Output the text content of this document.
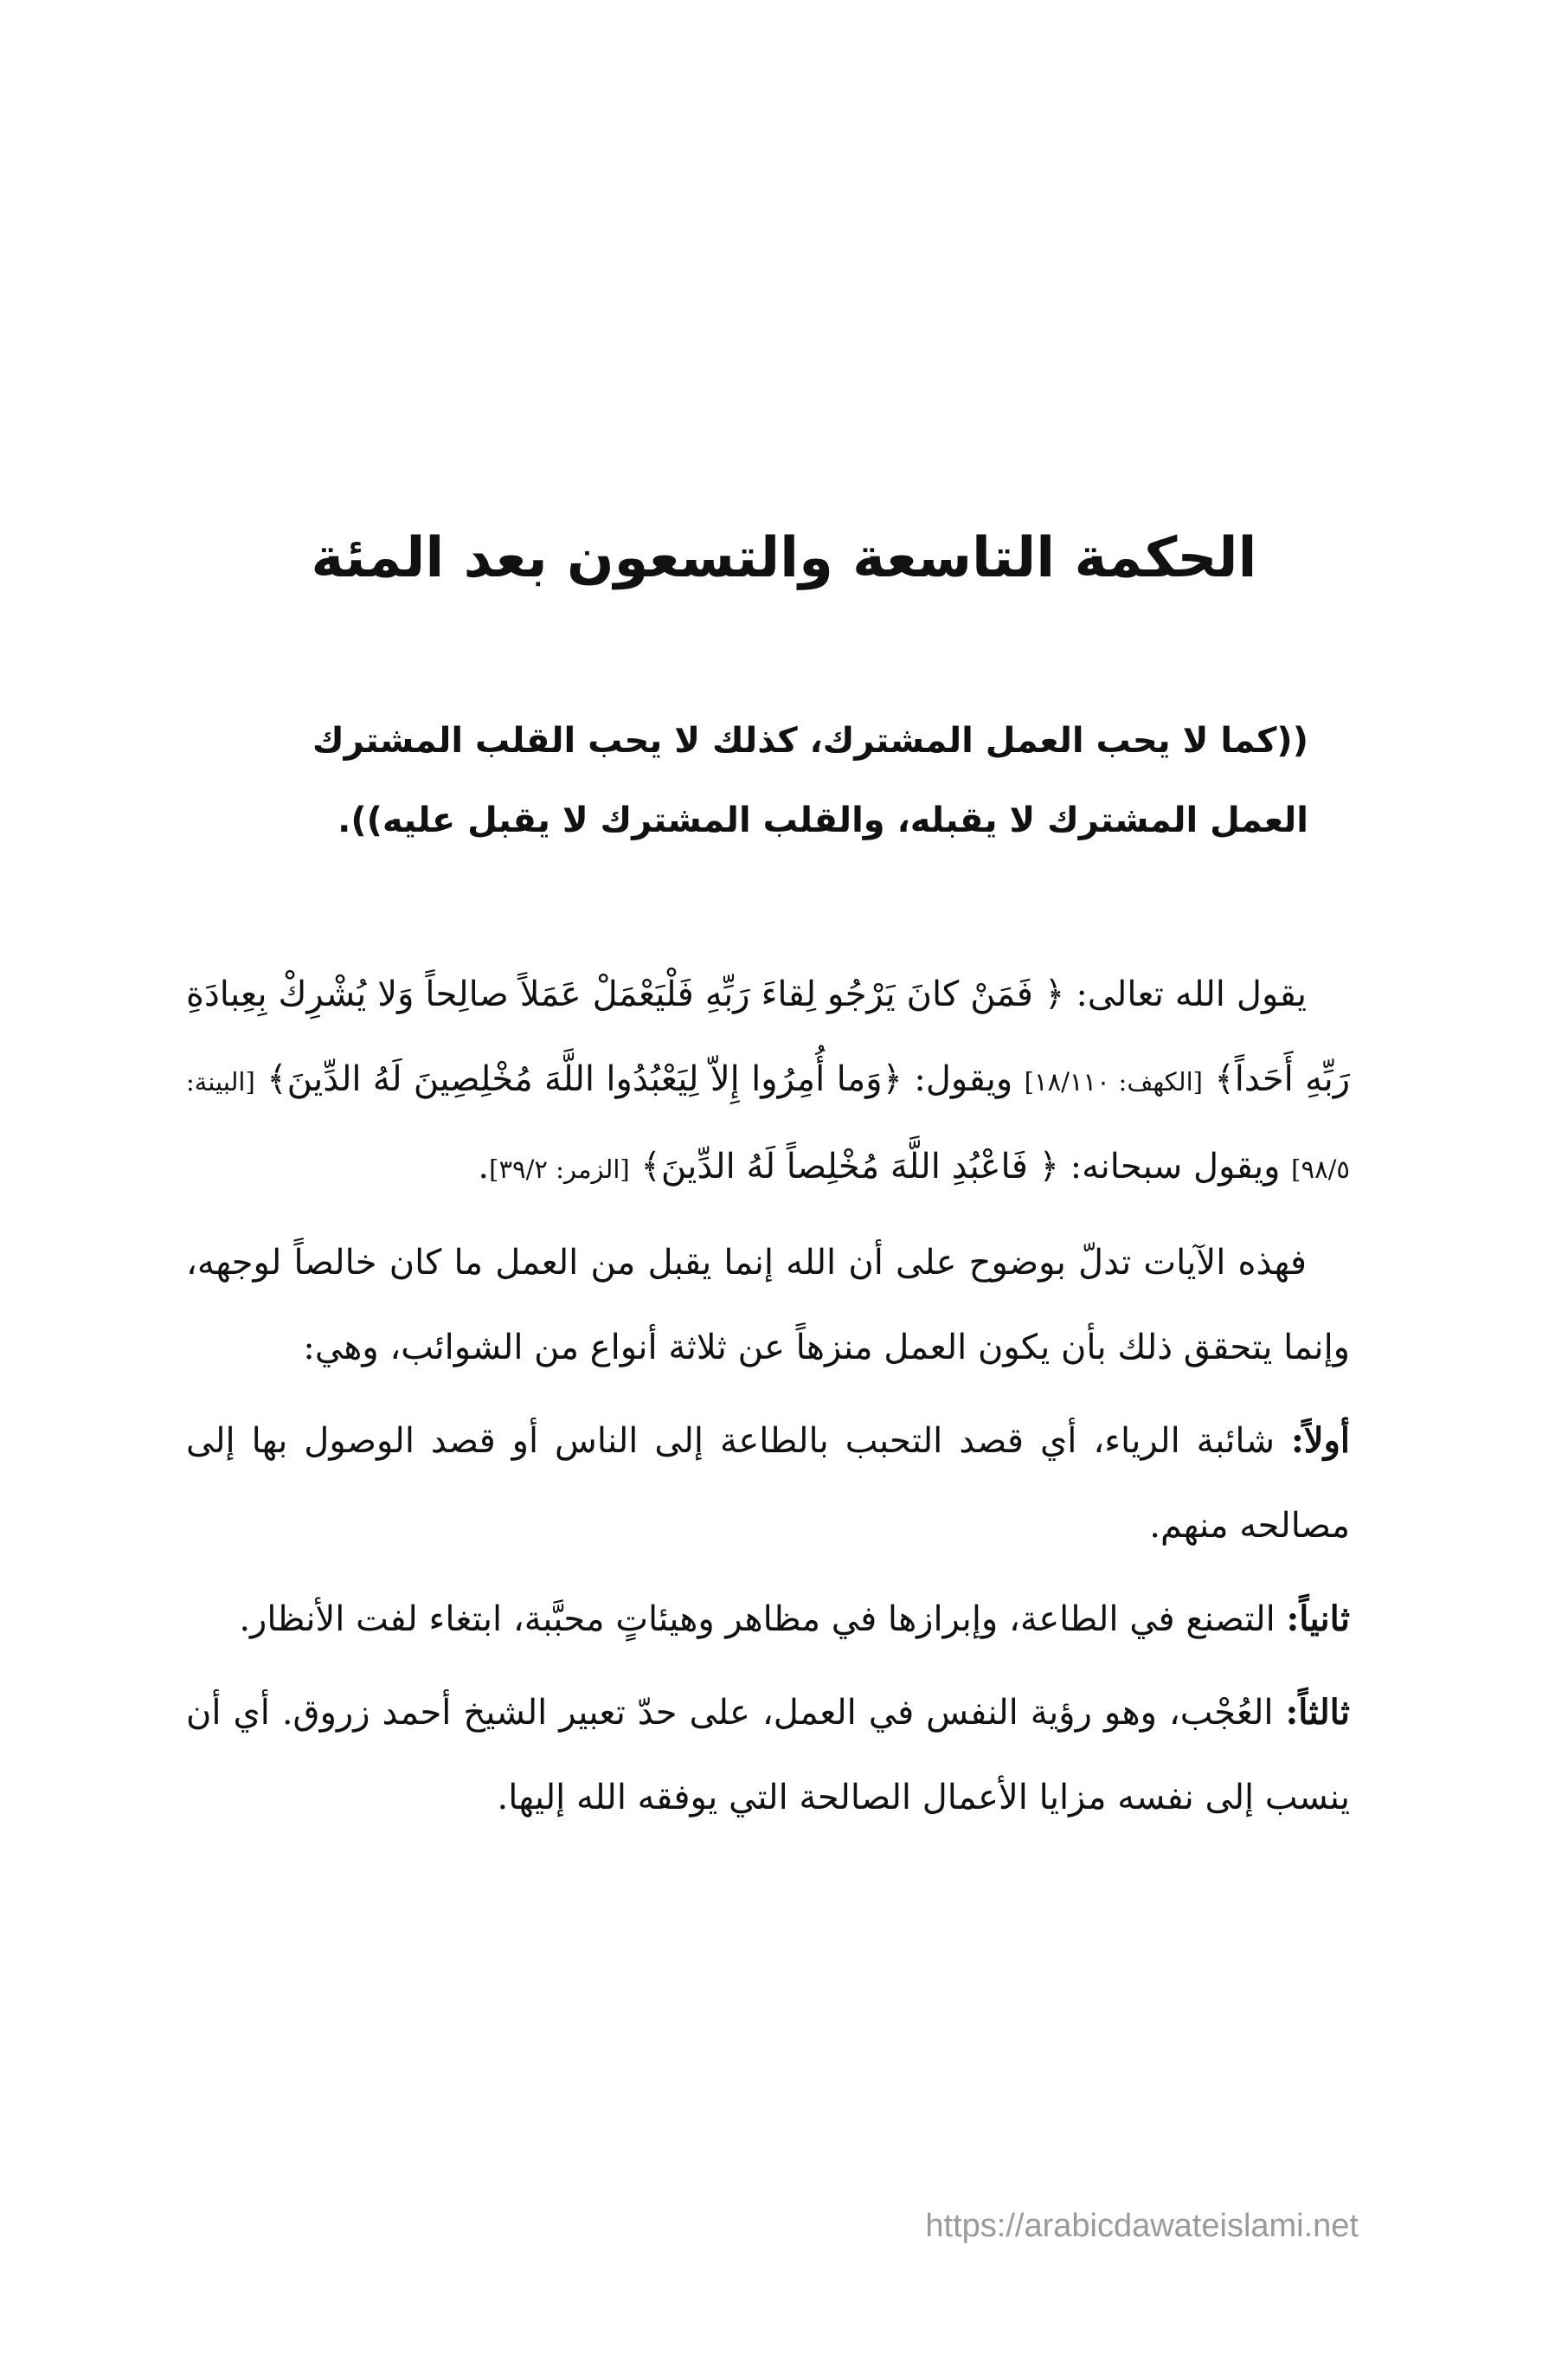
الحكمة التاسعة والتسعون بعد المئة
((كما لا يحب العمل المشترك، كذلك لا يحب القلب المشترك
العمل المشترك لا يقبله، والقلب المشترك لا يقبل عليه)).

يقول الله تعالى: ﴿ فَمَنْ كانَ يَرْجُو لِقاءَ رَبِّهِ فَلْيَعْمَلْ عَمَلاً صالِحاً وَلا يُشْرِكْ بِعِبادَةِ رَبِّهِ أَحَداً﴾ [الكهف: ١٨/١١٠] ويقول: ﴿وَما أُمِرُوا إِلاّ لِيَعْبُدُوا اللَّهَ مُخْلِصِينَ لَهُ الدِّينَ﴾ [البينة: ٩٨/٥] ويقول سبحانه: ﴿ فَاعْبُدِ اللَّهَ مُخْلِصاً لَهُ الدِّينَ﴾ [الزمر: ٣٩/٢].

فهذه الآيات تدلّ بوضوح على أن الله إنما يقبل من العمل ما كان خالصاً لوجهه، وإنما يتحقق ذلك بأن يكون العمل منزهاً عن ثلاثة أنواع من الشوائب، وهي:

أولاً: شائبة الرياء، أي قصد التحبب بالطاعة إلى الناس أو قصد الوصول بها إلى مصالحه منهم.

ثانياً: التصنع في الطاعة، وإبرازها في مظاهر وهيئاتٍ محبَّبة، ابتغاء لفت الأنظار.

ثالثاً: العُجْب، وهو رؤية النفس في العمل، على حدّ تعبير الشيخ أحمد زروق. أي أن ينسب إلى نفسه مزايا الأعمال الصالحة التي يوفقه الله إليها.

https://arabicdawateislami.net
